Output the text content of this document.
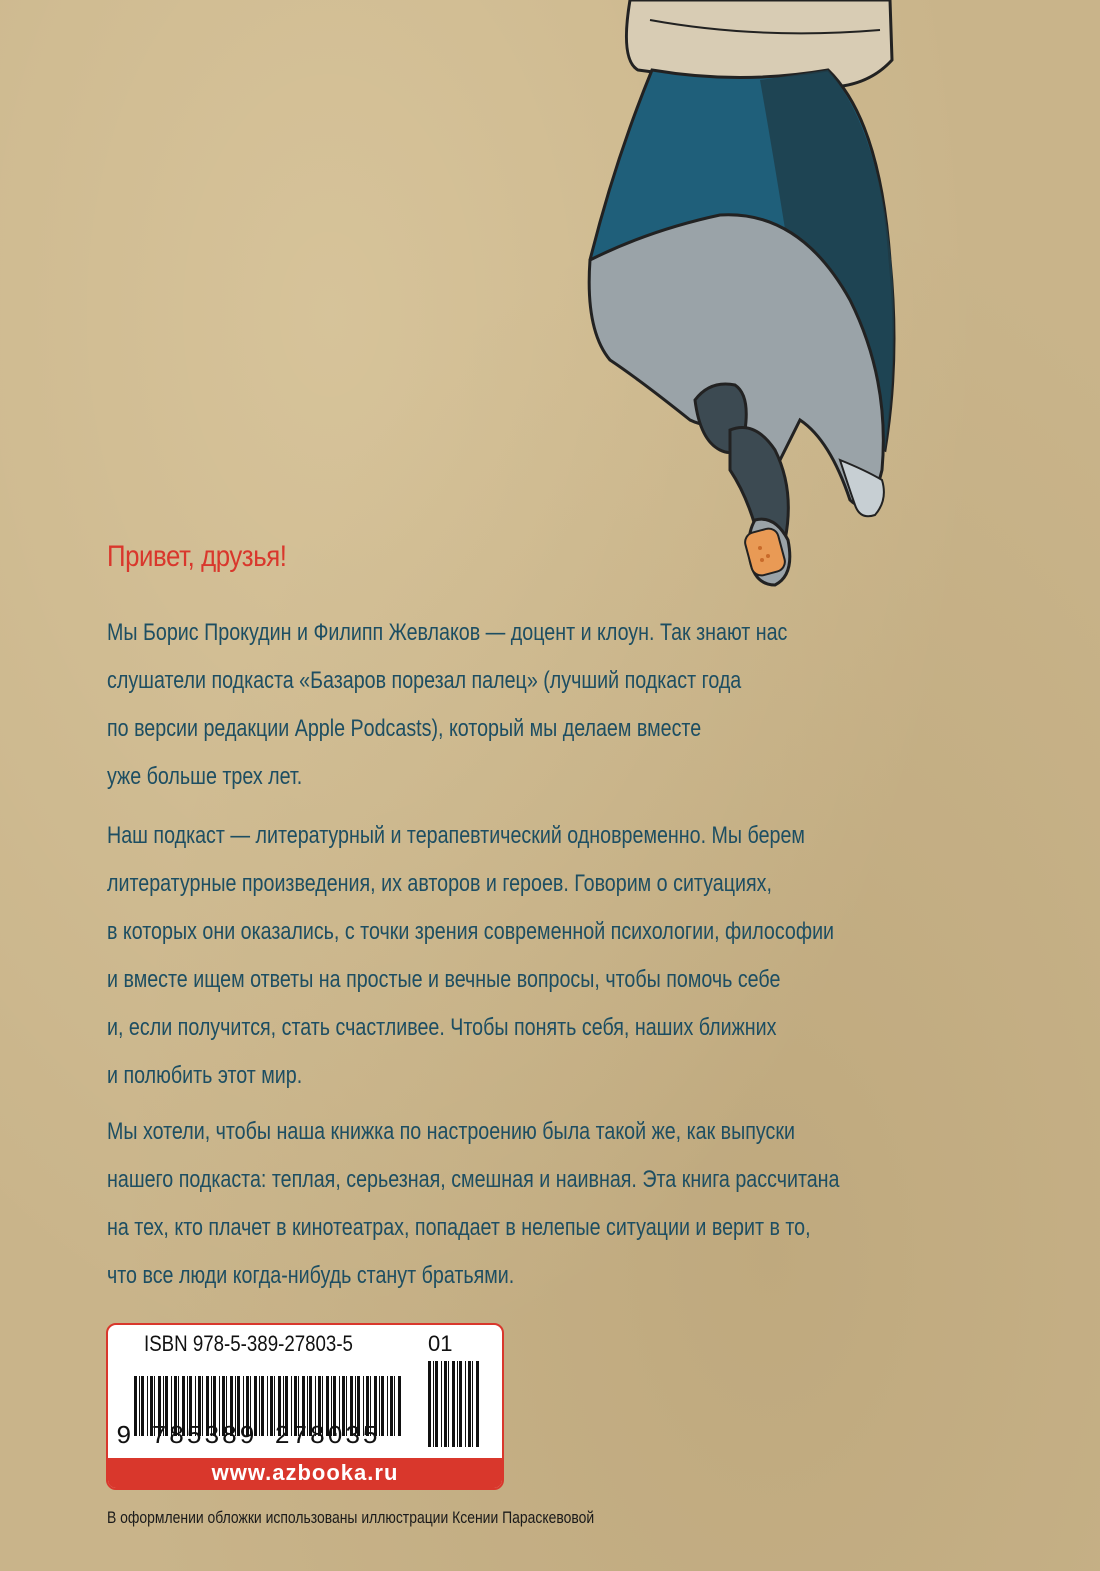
Привет, друзья!

Мы Борис Прокудин и Филипп Жевлаков — доцент и клоун. Так знают нас
слушатели подкаста «Базаров порезал палец» (лучший подкаст года
по версии редакции Apple Podcasts), который мы делаем вместе
уже больше трех лет.

Наш подкаст — литературный и терапевтический одновременно. Мы берем
литературные произведения, их авторов и героев. Говорим о ситуациях,
в которых они оказались, с точки зрения современной психологии, философии
и вместе ищем ответы на простые и вечные вопросы, чтобы помочь себе
и, если получится, стать счастливее. Чтобы понять себя, наших ближних
и полюбить этот мир.

Мы хотели, чтобы наша книжка по настроению была такой же, как выпуски
нашего подкаста: теплая, серьезная, смешная и наивная. Эта книга рассчитана
на тех, кто плачет в кинотеатрах, попадает в нелепые ситуации и верит в то,
что все люди когда-нибудь станут братьями.

ISBN 978-5-389-27803-5	01
9 785389 278035
www.azbooka.ru
В оформлении обложки использованы иллюстрации Ксении Параскевовой
